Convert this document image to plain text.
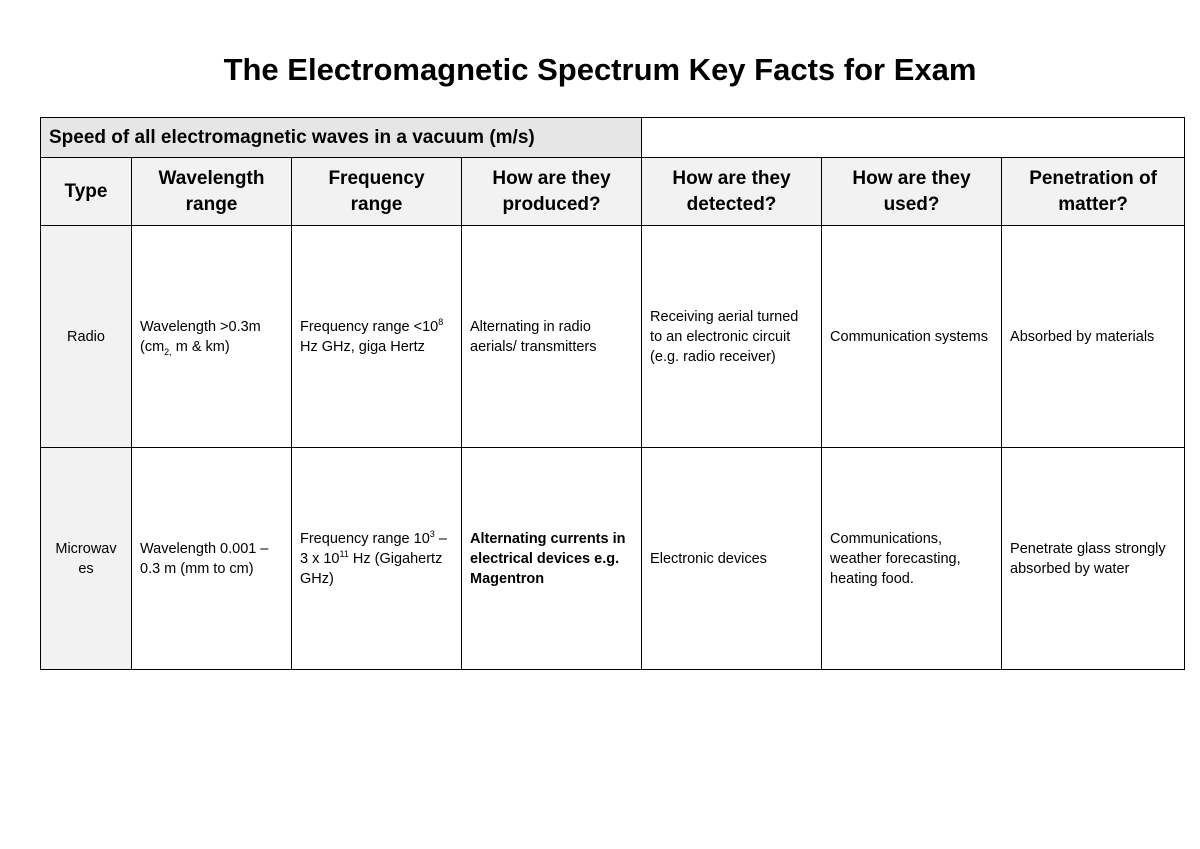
The Electromagnetic Spectrum Key Facts for Exam
Speed of all electromagnetic waves in a vacuum (m/s)						
Type	Wavelength range	Frequency range	How are they produced?	How are they detected?	How are they used?	Penetration of matter?
Radio	Wavelength >0.3m ($cm_{2,}$ m & km)	Frequency range $<10^8$ Hz GHz, giga Hertz	Alternating in radio aerials/ transmitters	Receiving aerial turned to an electronic circuit (e.g. radio receiver)	Communication systems	Absorbed by materials
Microwav es	Wavelength 0.001 – 0.3 m (mm to cm)	Frequency range $10^3 - 3$ x $10^{11}$ Hz (Gigahertz GHz)	Alternating currents in electrical devices e.g. Magentron	Electronic devices	Communications, weather forecasting, heating food.	Penetrate glass strongly absorbed by water
